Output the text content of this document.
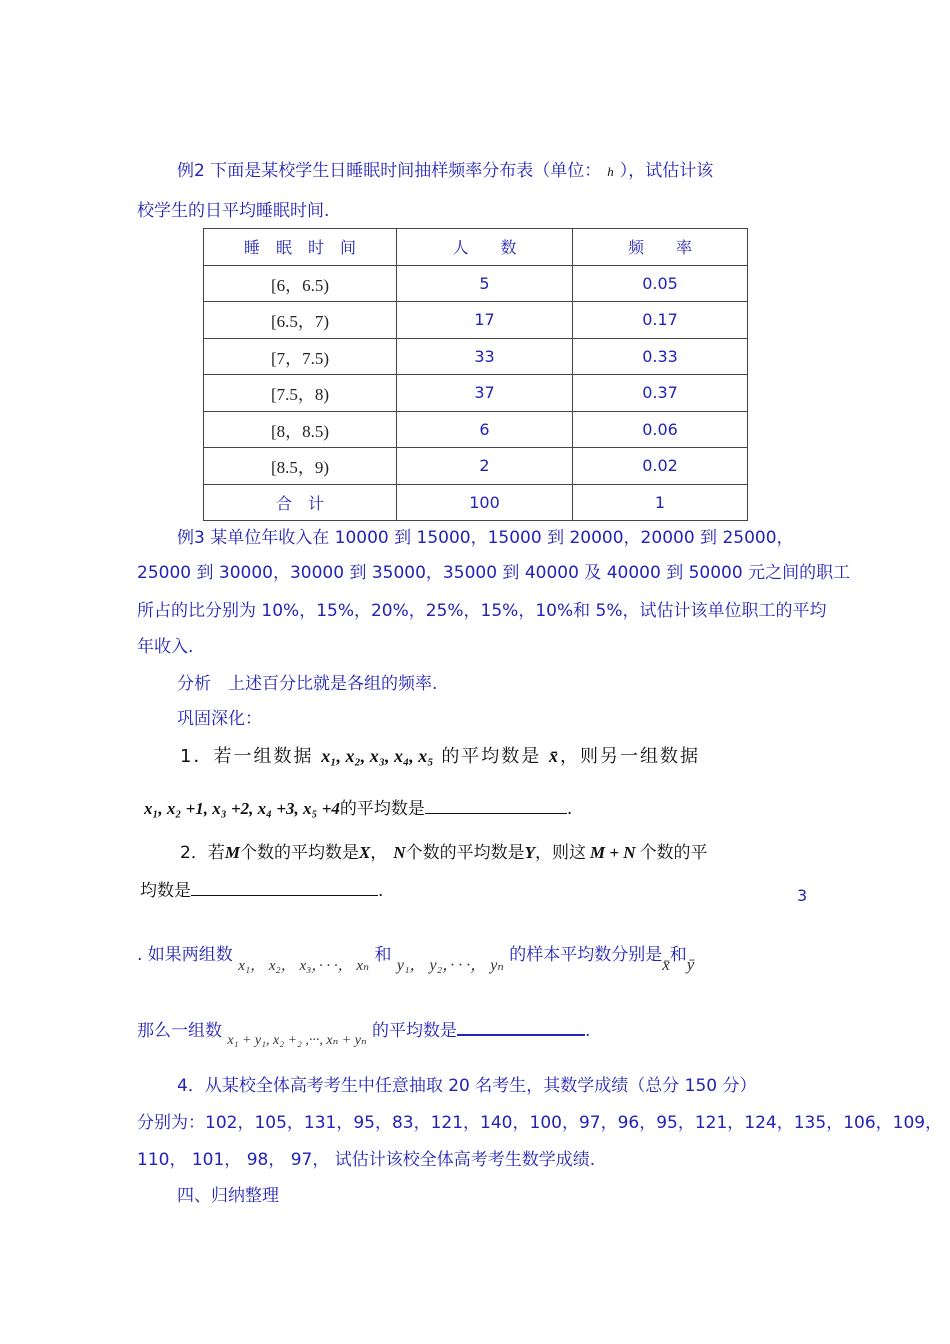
例2 下面是某校学生日睡眠时间抽样频率分布表（单位： h ），试估计该
校学生的日平均睡眠时间.
睡　眠　时　间	人　　数	频　　率
[6，6.5)	5	0.05
[6.5，7)	17	0.17
[7，7.5)	33	0.33
[7.5，8)	37	0.37
[8，8.5)	6	0.06
[8.5，9)	2	0.02
合　计	100	1
例3 某单位年收入在 10000 到 15000，15000 到 20000，20000 到 25000，
25000 到 30000，30000 到 35000，35000 到 40000 及 40000 到 50000 元之间的职工
所占的比分别为 10%，15%，20%，25%，15%，10%和 5%，试估计该单位职工的平均
年收入.
分析　上述百分比就是各组的频率.
巩固深化：
1．若一组数据 x₁, x₂, x₃, x₄, x₅ 的平均数是 x̄，则另一组数据
x₁, x₂ +1, x₃ +2, x₄ +3, x₅ +4的平均数是	.
2．若M个数的平均数是X， N个数的平均数是Y，则这 M + N 个数的平
均数是	.	3
. 如果两组数 x₁， x₂， x₃，· · ·， xₙ 和 y₁， y₂，· · ·， yₙ 的样本平均数分别是x̄和ȳ
那么一组数 $_{x_1 + y_1, x_2 +_2 ,\cdot\cdot\cdot, x_n + y_n}$ 的平均数是	.
4．从某校全体高考考生中任意抽取 20 名考生，其数学成绩（总分 150 分）
分别为：102，105，131，95，83，121，140，100，97，96，95，121，124，135，106，109，
110， 101， 98， 97， 试估计该校全体高考考生数学成绩.
四、归纳整理
